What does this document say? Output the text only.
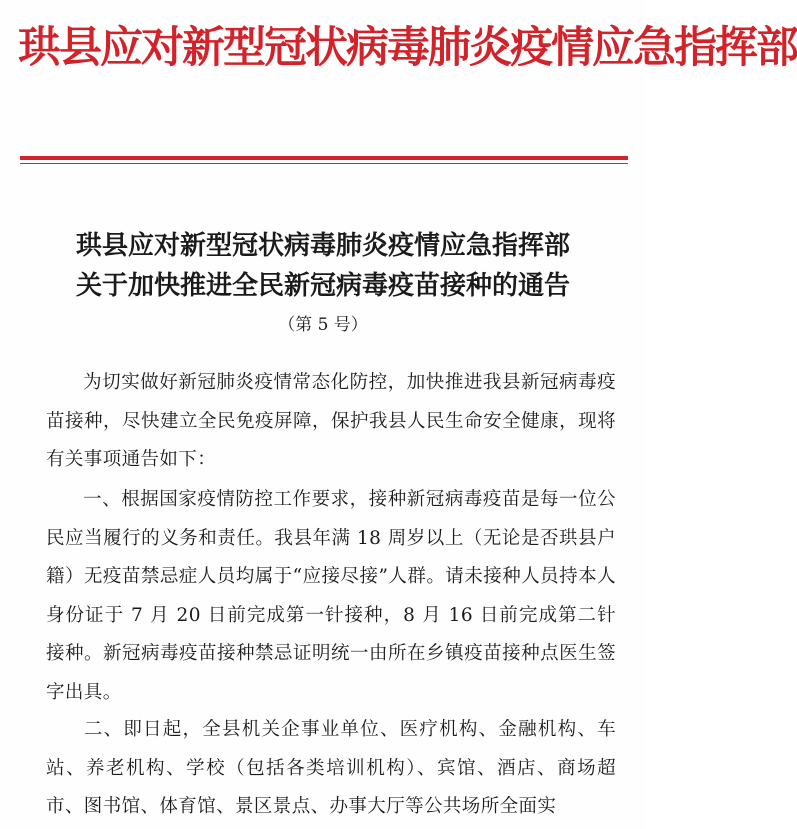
珙县应对新型冠状病毒肺炎疫情应急指挥部
珙县应对新型冠状病毒肺炎疫情应急指挥部
关于加快推进全民新冠病毒疫苗接种的通告
（第 5 号）
为切实做好新冠肺炎疫情常态化防控，加快推进我县新冠病毒疫苗接种，尽快建立全民免疫屏障，保护我县人民生命安全健康，现将有关事项通告如下：
一、根据国家疫情防控工作要求，接种新冠病毒疫苗是每一位公民应当履行的义务和责任。我县年满 18 周岁以上（无论是否珙县户籍）无疫苗禁忌症人员均属于“应接尽接”人群。请未接种人员持本人身份证于 7 月 20 日前完成第一针接种，8 月 16 日前完成第二针接种。新冠病毒疫苗接种禁忌证明统一由所在乡镇疫苗接种点医生签字出具。
二、即日起，全县机关企事业单位、医疗机构、金融机构、车站、养老机构、学校（包括各类培训机构）、宾馆、酒店、商场超市、图书馆、体育馆、景区景点、办事大厅等公共场所全面实
